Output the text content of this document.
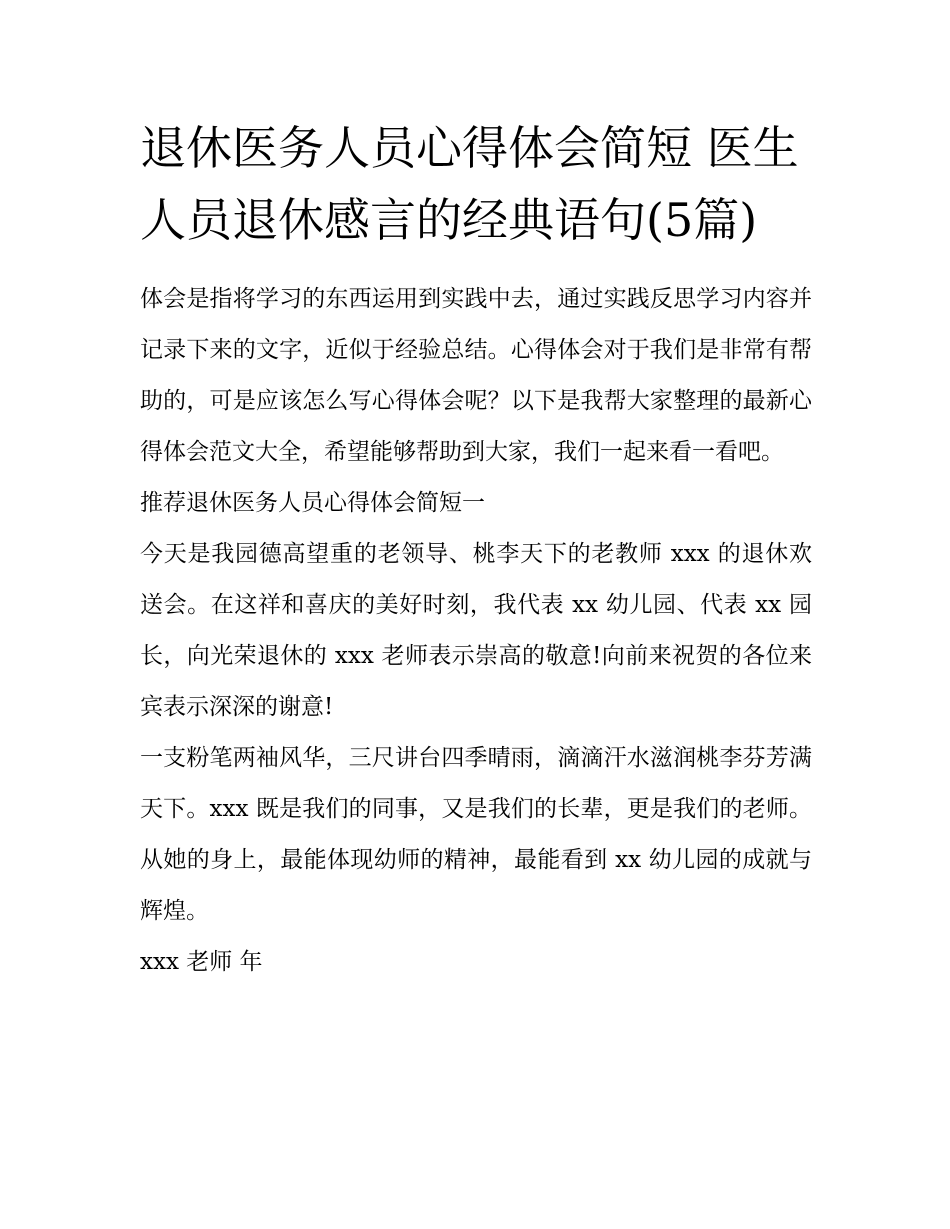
退休医务人员心得体会简短 医生人员退休感言的经典语句(5篇)

体会是指将学习的东西运用到实践中去，通过实践反思学习内容并记录下来的文字，近似于经验总结。心得体会对于我们是非常有帮助的，可是应该怎么写心得体会呢？以下是我帮大家整理的最新心得体会范文大全，希望能够帮助到大家，我们一起来看一看吧。

推荐退休医务人员心得体会简短一

今天是我园德高望重的老领导、桃李天下的老教师 xxx 的退休欢送会。在这祥和喜庆的美好时刻，我代表 xx 幼儿园、代表 xx 园长，向光荣退休的 xxx 老师表示崇高的敬意!向前来祝贺的各位来宾表示深深的谢意!

一支粉笔两袖风华，三尺讲台四季晴雨，滴滴汗水滋润桃李芬芳满天下。xxx 既是我们的同事，又是我们的长辈，更是我们的老师。从她的身上，最能体现幼师的精神，最能看到 xx 幼儿园的成就与辉煌。

xxx 老师 年
